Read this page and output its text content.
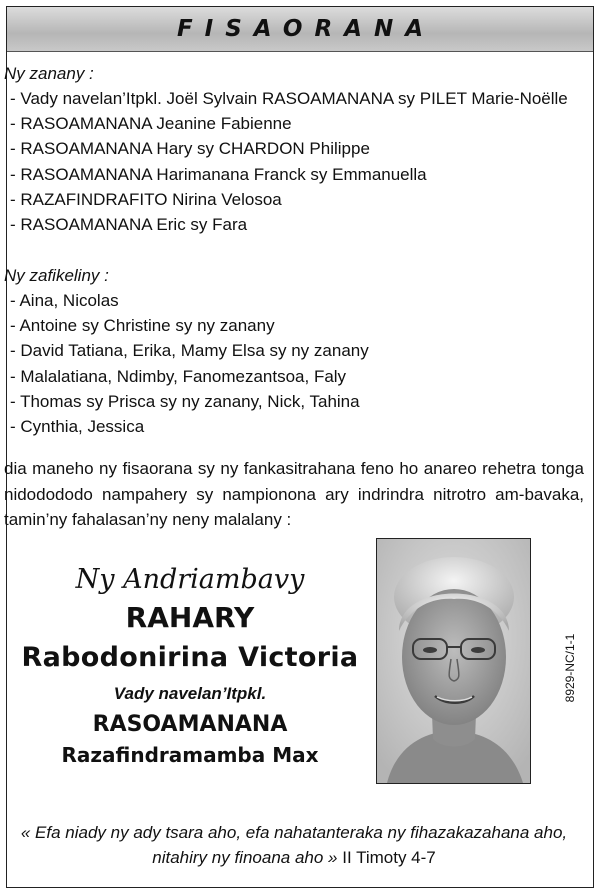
FISAORANA
Ny zanany :
- Vady navelan’Itpkl. Joël Sylvain RASOAMANANA sy PILET Marie-Noëlle
- RASOAMANANA Jeanine Fabienne
- RASOAMANANA Hary sy CHARDON Philippe
- RASOAMANANA Harimanana Franck sy Emmanuella
- RAZAFINDRAFITO Nirina Velosoa
- RASOAMANANA Eric sy Fara
Ny zafikeliny :
- Aina, Nicolas
- Antoine sy Christine sy ny zanany
- David Tatiana, Erika, Mamy Elsa sy ny zanany
- Malalatiana, Ndimby, Fanomezantsoa, Faly
- Thomas sy Prisca sy ny zanany, Nick, Tahina
- Cynthia, Jessica

dia maneho ny fisaorana sy ny fankasitrahana feno ho anareo rehetra tonga nidodododo nampahery sy nampionona ary indrindra nitrotro am-bavaka, tamin’ny fahalasan’ny neny malalany :

Ny Andriambavy

RAHARY

Rabodonirina Victoria

Vady navelan’Itpkl.

RASOAMANANA

Razafindramamba Max

8929-NC/1-1

« Efa niady ny ady tsara aho, efa nahatanteraka ny fihazakazahana aho,

nitahiry ny finoana aho » II Timoty 4-7
